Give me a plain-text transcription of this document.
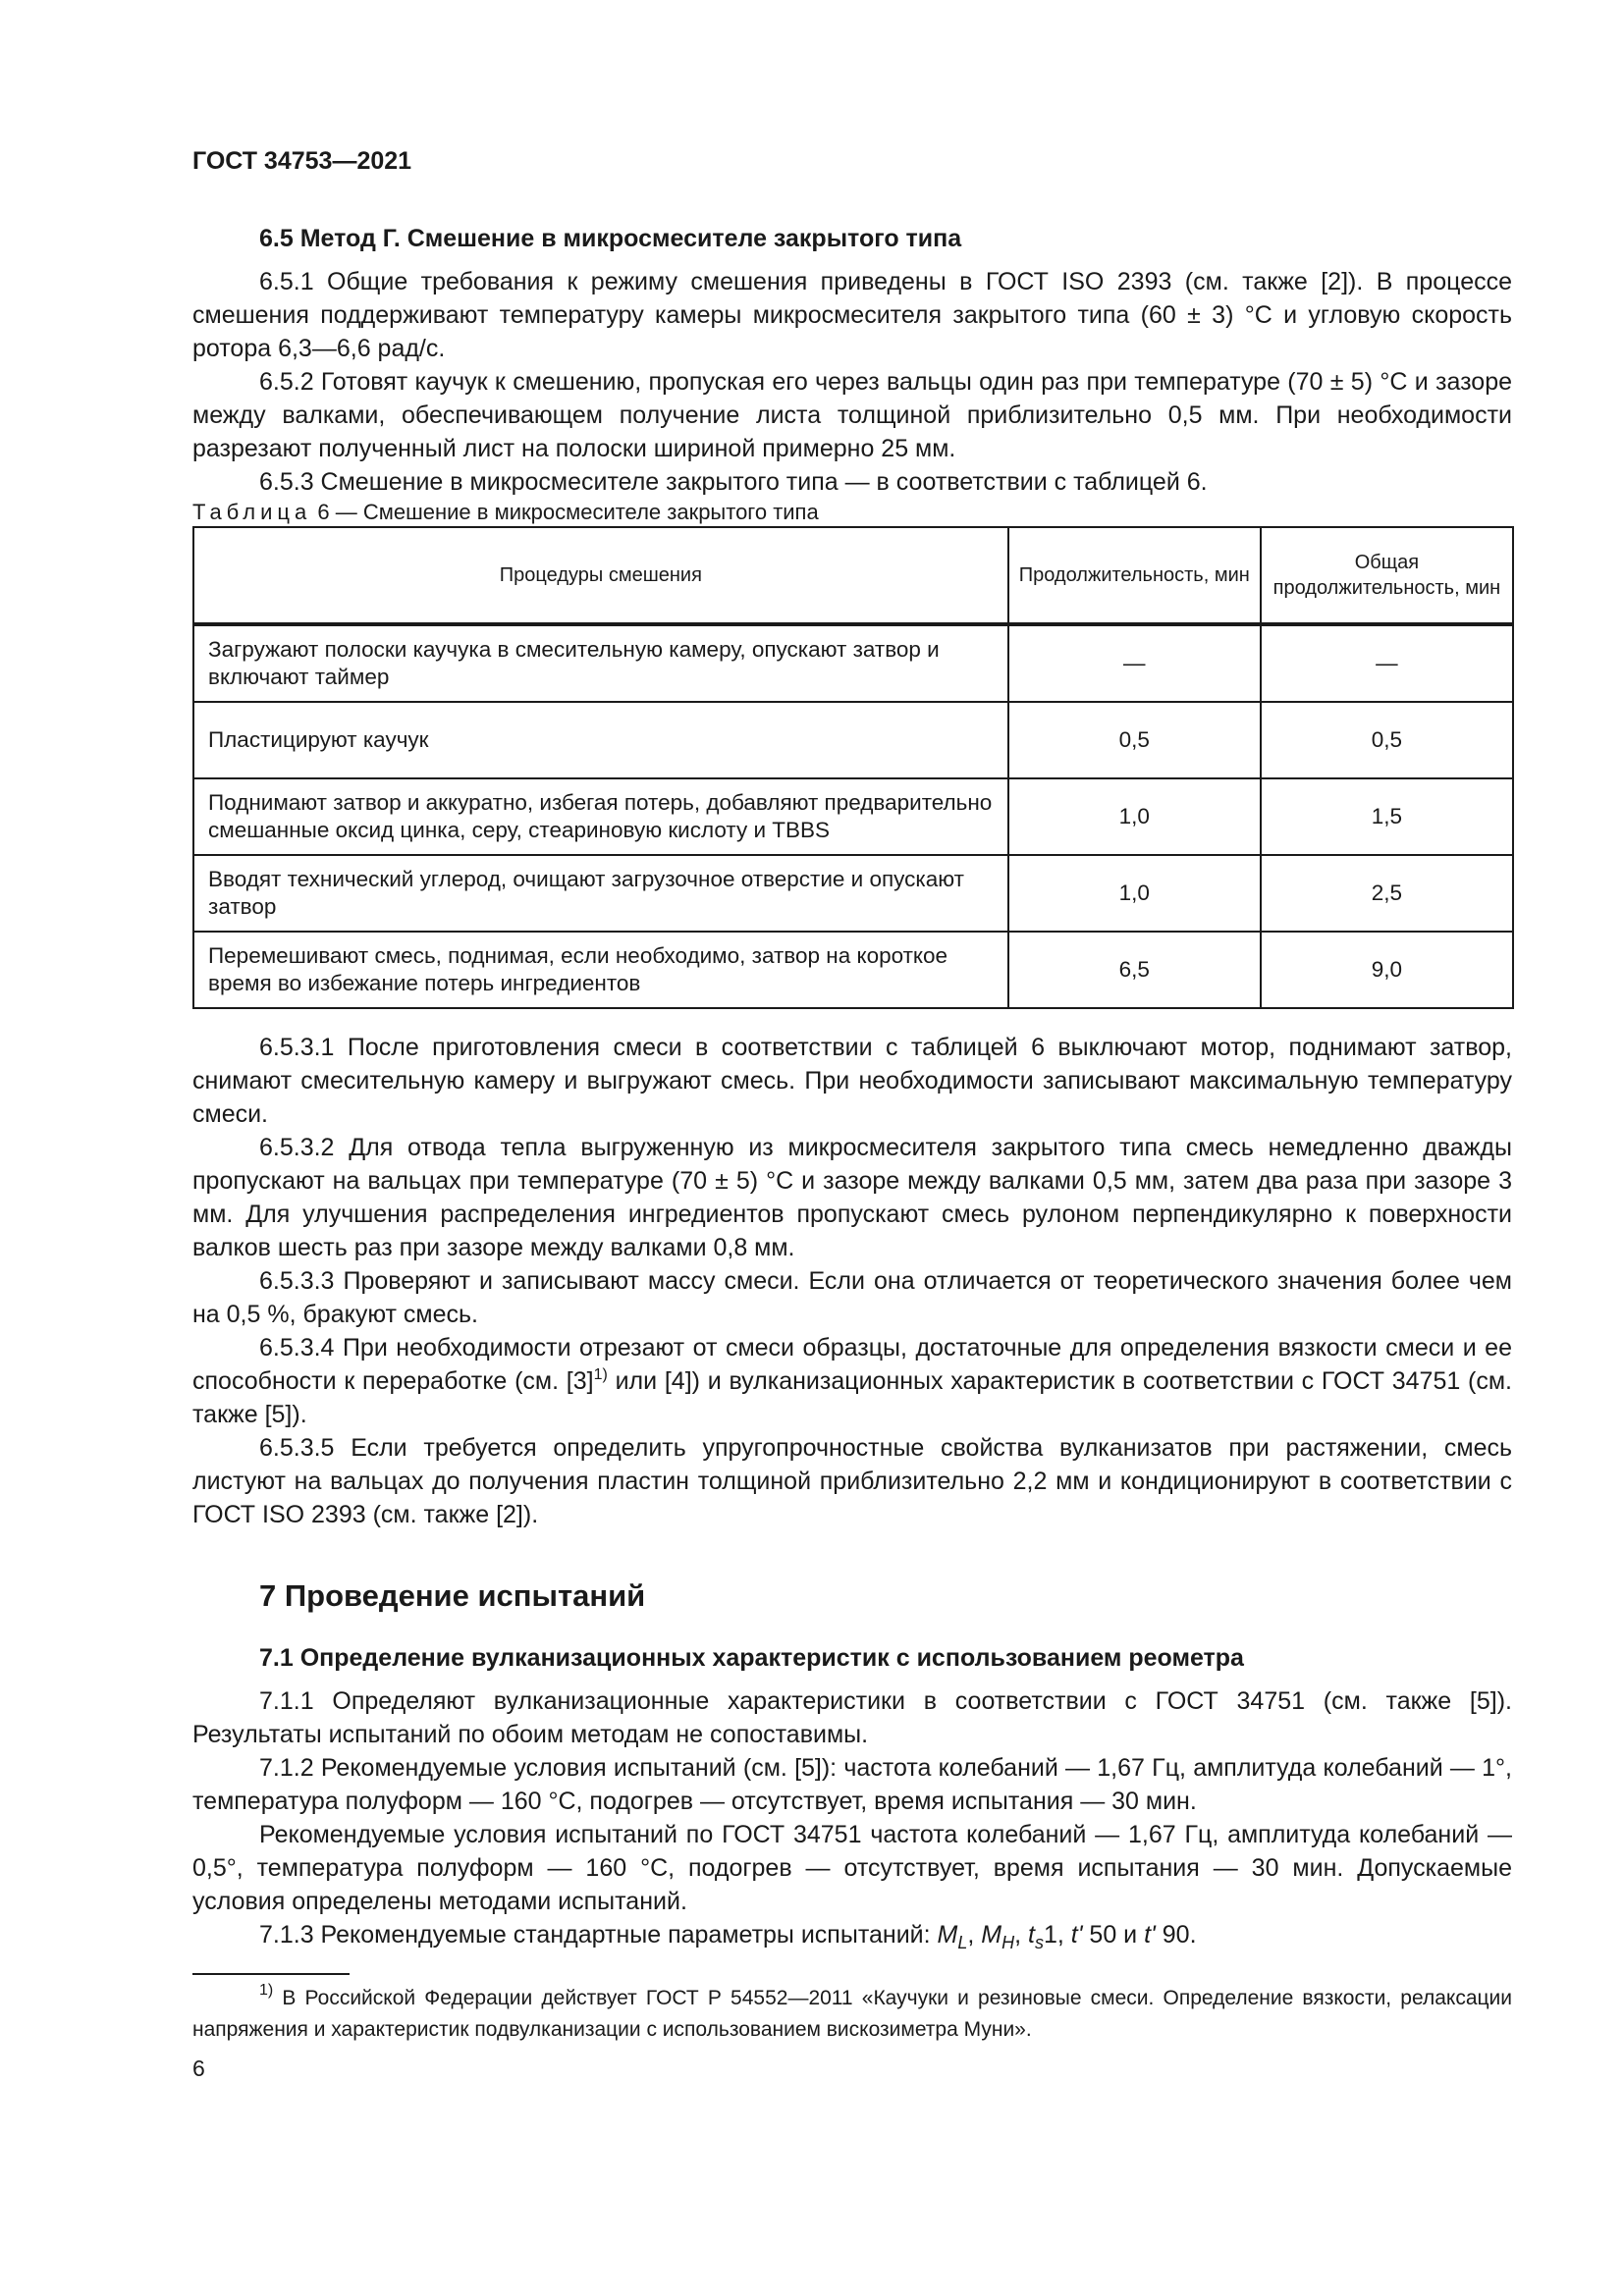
ГОСТ 34753—2021
6.5 Метод Г. Смешение в микросмесителе закрытого типа

6.5.1 Общие требования к режиму смешения приведены в ГОСТ ISO 2393 (см. также [2]). В процессе смешения поддерживают температуру камеры микросмесителя закрытого типа (60 ± 3) °С и угловую скорость ротора 6,3—6,6 рад/с.

6.5.2 Готовят каучук к смешению, пропуская его через вальцы один раз при температуре (70 ± 5) °С и зазоре между валками, обеспечивающем получение листа толщиной приблизительно 0,5 мм. При необходимости разрезают полученный лист на полоски шириной примерно 25 мм.

6.5.3 Смешение в микросмесителе закрытого типа — в соответствии с таблицей 6.

Таблица 6 — Смешение в микросмесителе закрытого типа

Процедуры смешения	Продолжительность, мин	Общая продолжительность, мин
Загружают полоски каучука в смесительную камеру, опускают затвор и включают таймер	—	—
Пластицируют каучук	0,5	0,5
Поднимают затвор и аккуратно, избегая потерь, добавляют предварительно смешанные оксид цинка, серу, стеариновую кислоту и TBBS	1,0	1,5
Вводят технический углерод, очищают загрузочное отверстие и опускают затвор	1,0	2,5
Перемешивают смесь, поднимая, если необходимо, затвор на короткое время во избежание потерь ингредиентов	6,5	9,0

6.5.3.1 После приготовления смеси в соответствии с таблицей 6 выключают мотор, поднимают затвор, снимают смесительную камеру и выгружают смесь. При необходимости записывают максимальную температуру смеси.

6.5.3.2 Для отвода тепла выгруженную из микросмесителя закрытого типа смесь немедленно дважды пропускают на вальцах при температуре (70 ± 5) °С и зазоре между валками 0,5 мм, затем два раза при зазоре 3 мм. Для улучшения распределения ингредиентов пропускают смесь рулоном перпендикулярно к поверхности валков шесть раз при зазоре между валками 0,8 мм.

6.5.3.3 Проверяют и записывают массу смеси. Если она отличается от теоретического значения более чем на 0,5 %, бракуют смесь.

6.5.3.4 При необходимости отрезают от смеси образцы, достаточные для определения вязкости смеси и ее способности к переработке (см. $[3]^{1)}$ или [4]) и вулканизационных характеристик в соответствии с ГОСТ 34751 (см. также [5]).

6.5.3.5 Если требуется определить упругопрочностные свойства вулканизатов при растяжении, смесь листуют на вальцах до получения пластин толщиной приблизительно 2,2 мм и кондиционируют в соответствии с ГОСТ ISO 2393 (см. также [2]).

7 Проведение испытаний
7.1 Определение вулканизационных характеристик с использованием реометра

7.1.1 Определяют вулканизационные характеристики в соответствии с ГОСТ 34751 (см. также [5]). Результаты испытаний по обоим методам не сопоставимы.

7.1.2 Рекомендуемые условия испытаний (см. [5]): частота колебаний — 1,67 Гц, амплитуда колебаний — 1°, температура полуформ — 160 °С, подогрев — отсутствует, время испытания — 30 мин.

Рекомендуемые условия испытаний по ГОСТ 34751 частота колебаний — 1,67 Гц, амплитуда колебаний — 0,5°, температура полуформ — 160 °С, подогрев — отсутствует, время испытания — 30 мин. Допускаемые условия определены методами испытаний.

7.1.3 Рекомендуемые стандартные параметры испытаний: $M_L$, $M_H$, $t_s1$, t' 50 и t' 90.

$^{1)}$ В Российской Федерации действует ГОСТ Р 54552—2011 «Каучуки и резиновые смеси. Определение вязкости, релаксации напряжения и характеристик подвулканизации с использованием вискозиметра Муни».
6
